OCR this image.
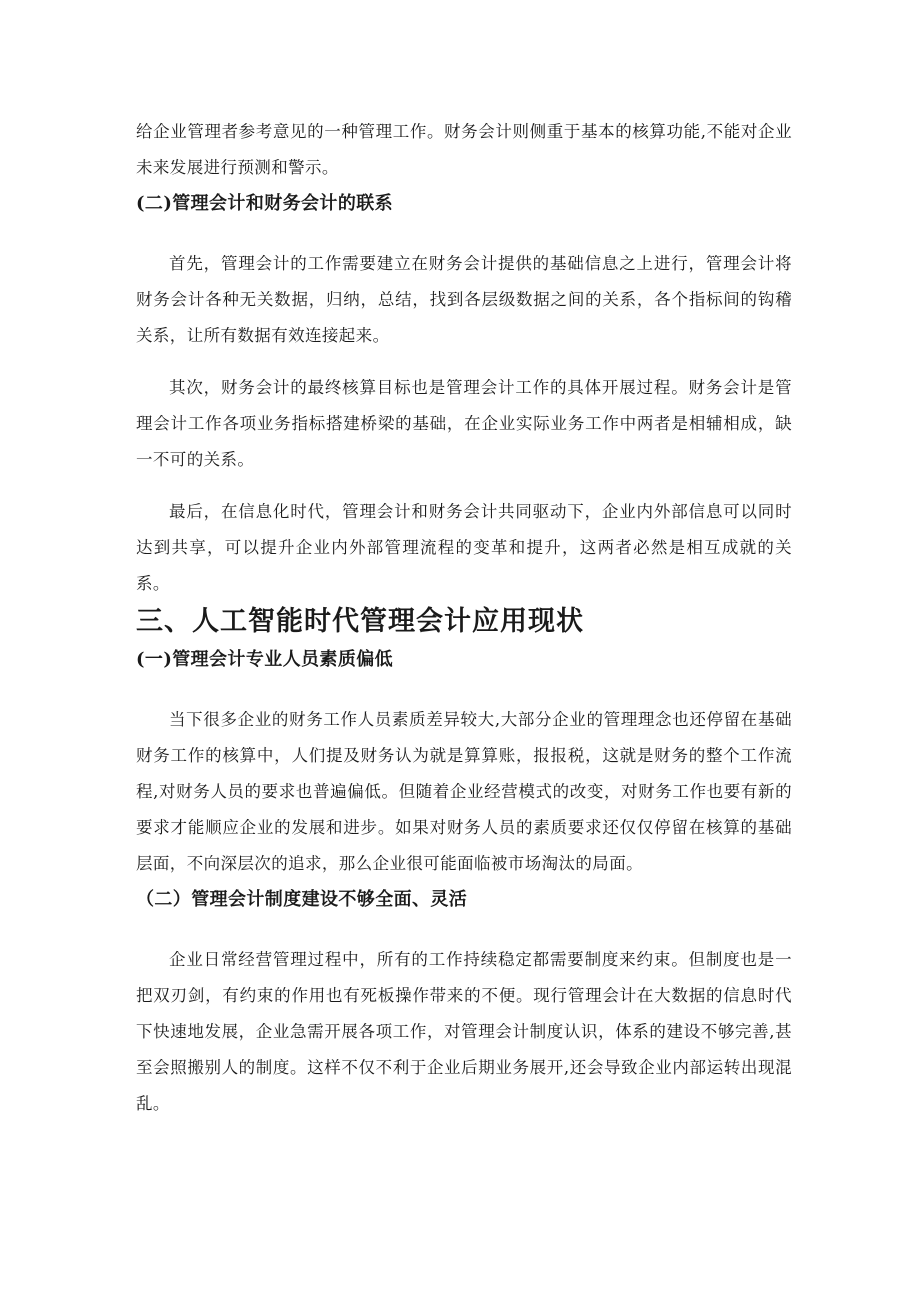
给企业管理者参考意见的一种管理工作。财务会计则侧重于基本的核算功能,不能对企业未来发展进行预测和警示。

(二)管理会计和财务会计的联系

首先，管理会计的工作需要建立在财务会计提供的基础信息之上进行，管理会计将财务会计各种无关数据，归纳，总结，找到各层级数据之间的关系，各个指标间的钩稽关系，让所有数据有效连接起来。

其次，财务会计的最终核算目标也是管理会计工作的具体开展过程。财务会计是管理会计工作各项业务指标搭建桥梁的基础，在企业实际业务工作中两者是相辅相成，缺一不可的关系。

最后，在信息化时代，管理会计和财务会计共同驱动下，企业内外部信息可以同时达到共享，可以提升企业内外部管理流程的变革和提升，这两者必然是相互成就的关系。

三、人工智能时代管理会计应用现状
(一)管理会计专业人员素质偏低

当下很多企业的财务工作人员素质差异较大,大部分企业的管理理念也还停留在基础财务工作的核算中，人们提及财务认为就是算算账，报报税，这就是财务的整个工作流程,对财务人员的要求也普遍偏低。但随着企业经营模式的改变，对财务工作也要有新的要求才能顺应企业的发展和进步。如果对财务人员的素质要求还仅仅停留在核算的基础层面，不向深层次的追求，那么企业很可能面临被市场淘汰的局面。

（二）管理会计制度建设不够全面、灵活

企业日常经营管理过程中，所有的工作持续稳定都需要制度来约束。但制度也是一把双刃剑，有约束的作用也有死板操作带来的不便。现行管理会计在大数据的信息时代下快速地发展，企业急需开展各项工作，对管理会计制度认识，体系的建设不够完善,甚至会照搬别人的制度。这样不仅不利于企业后期业务展开,还会导致企业内部运转出现混乱。
